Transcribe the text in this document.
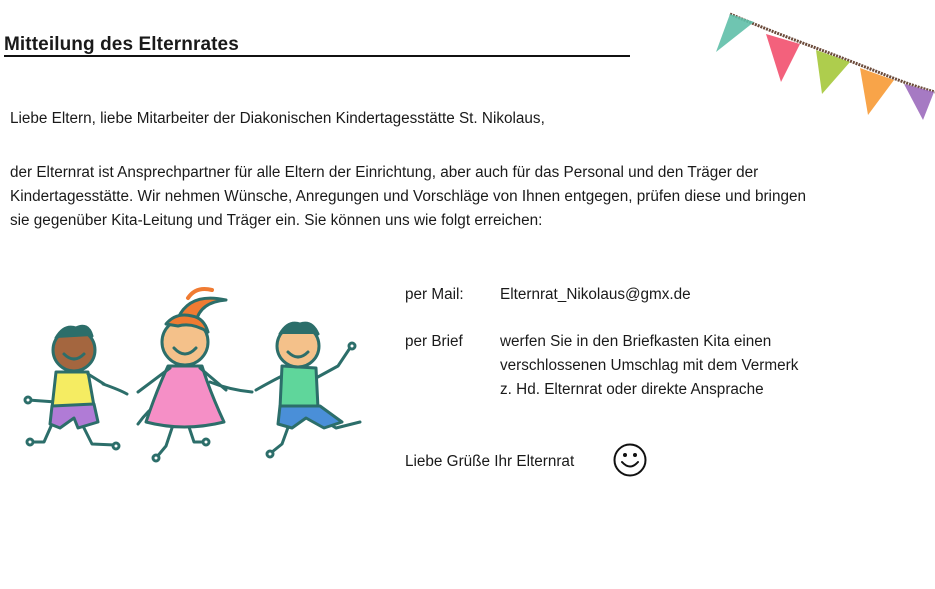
Mitteilung des Elternrates

Liebe Eltern, liebe Mitarbeiter der Diakonischen Kindertagesstätte St. Nikolaus,

der Elternrat ist Ansprechpartner für alle Eltern der Einrichtung, aber auch für das Personal und den Träger der
Kindertagesstätte. Wir nehmen Wünsche, Anregungen und Vorschläge von Ihnen entgegen, prüfen diese und bringen
sie gegenüber Kita-Leitung und Träger ein. Sie können uns wie folgt erreichen:

per Mail: Elternrat_Nikolaus@gmx.de
per Brief werfen Sie in den Briefkasten Kita einen
verschlossenen Umschlag mit dem Vermerk
z. Hd. Elternrat oder direkte Ansprache
Liebe Grüße Ihr Elternrat
